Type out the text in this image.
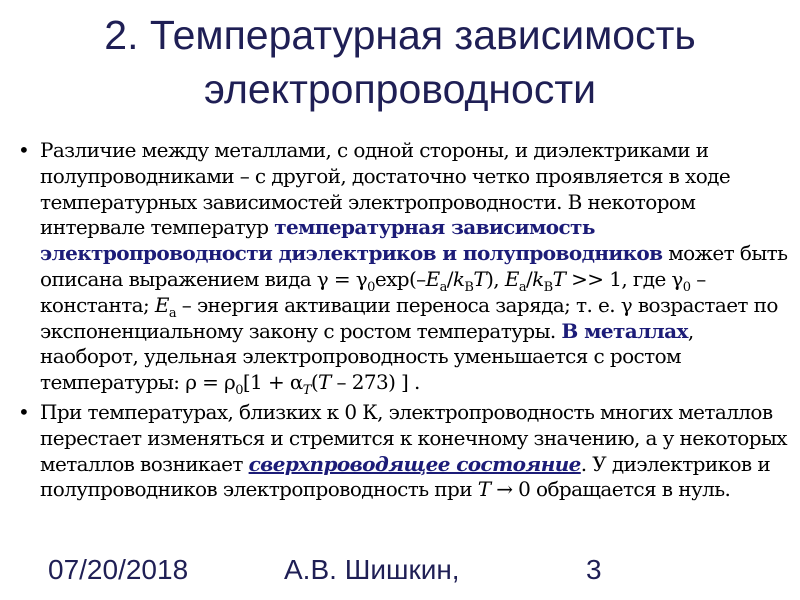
2. Температурная зависимость
электропроводности

• Различие между металлами, с одной стороны, и диэлектриками и полупроводниками – с другой, достаточно четко проявляется в ходе температурных зависимостей электропроводности. В некотором интервале температур температурная зависимость электропроводности диэлектриков и полупроводников может быть описана выражением вида $\gamma = \gamma_0\exp(-E_a/k_BT)$, $E_a/k_BT >> 1$, где $\gamma_0$ – константа; $E_a$ – энергия активации переноса заряда; т. е. γ возрастает по экспоненциальному закону с ростом температуры. В металлах, наоборот, удельная электропроводность уменьшается с ростом температуры: $\rho = \rho_0[1 + \alpha_T(T - 273)$ ] .

• При температурах, близких к 0 К, электропроводность многих металлов перестает изменяться и стремится к конечному значению, а у некоторых металлов возникает сверхпроводящее состояние. У диэлектриков и полупроводников электропроводность при T → 0 обращается в нуль.

07/20/2018	А.В. Шишкин,	3
